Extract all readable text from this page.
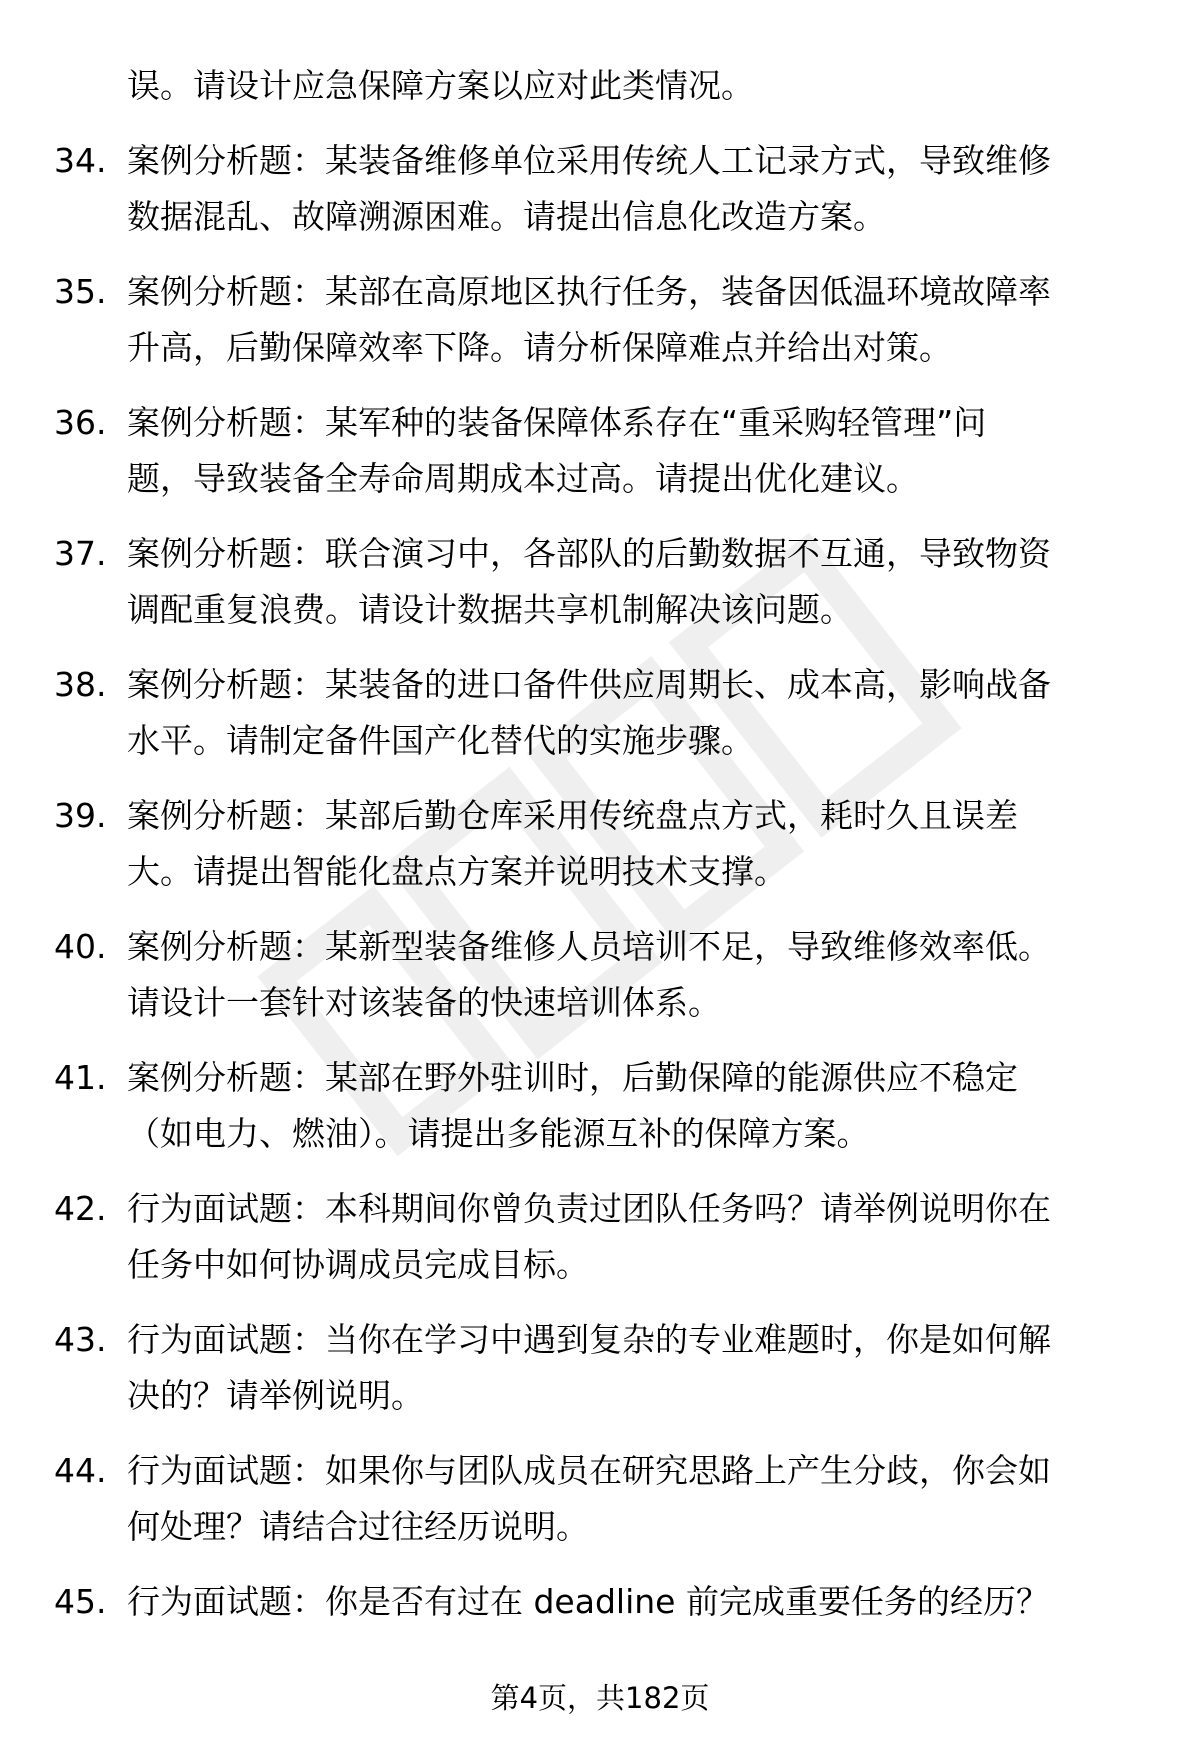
误。请设计应急保障方案以应对此类情况。
34. 案例分析题：某装备维修单位采用传统人工记录方式，导致维修
数据混乱、故障溯源困难。请提出信息化改造方案。
35. 案例分析题：某部在高原地区执行任务，装备因低温环境故障率
升高，后勤保障效率下降。请分析保障难点并给出对策。
36. 案例分析题：某军种的装备保障体系存在“重采购轻管理”问
题，导致装备全寿命周期成本过高。请提出优化建议。
37. 案例分析题：联合演习中，各部队的后勤数据不互通，导致物资
调配重复浪费。请设计数据共享机制解决该问题。
38. 案例分析题：某装备的进口备件供应周期长、成本高，影响战备
水平。请制定备件国产化替代的实施步骤。
39. 案例分析题：某部后勤仓库采用传统盘点方式，耗时久且误差
大。请提出智能化盘点方案并说明技术支撑。
40. 案例分析题：某新型装备维修人员培训不足，导致维修效率低。
请设计一套针对该装备的快速培训体系。
41. 案例分析题：某部在野外驻训时，后勤保障的能源供应不稳定
（如电力、燃油）。请提出多能源互补的保障方案。
42. 行为面试题：本科期间你曾负责过团队任务吗？请举例说明你在
任务中如何协调成员完成目标。
43. 行为面试题：当你在学习中遇到复杂的专业难题时，你是如何解
决的？请举例说明。
44. 行为面试题：如果你与团队成员在研究思路上产生分歧，你会如
何处理？请结合过往经历说明。
45. 行为面试题：你是否有过在 deadline 前完成重要任务的经历？
第4页，共182页
